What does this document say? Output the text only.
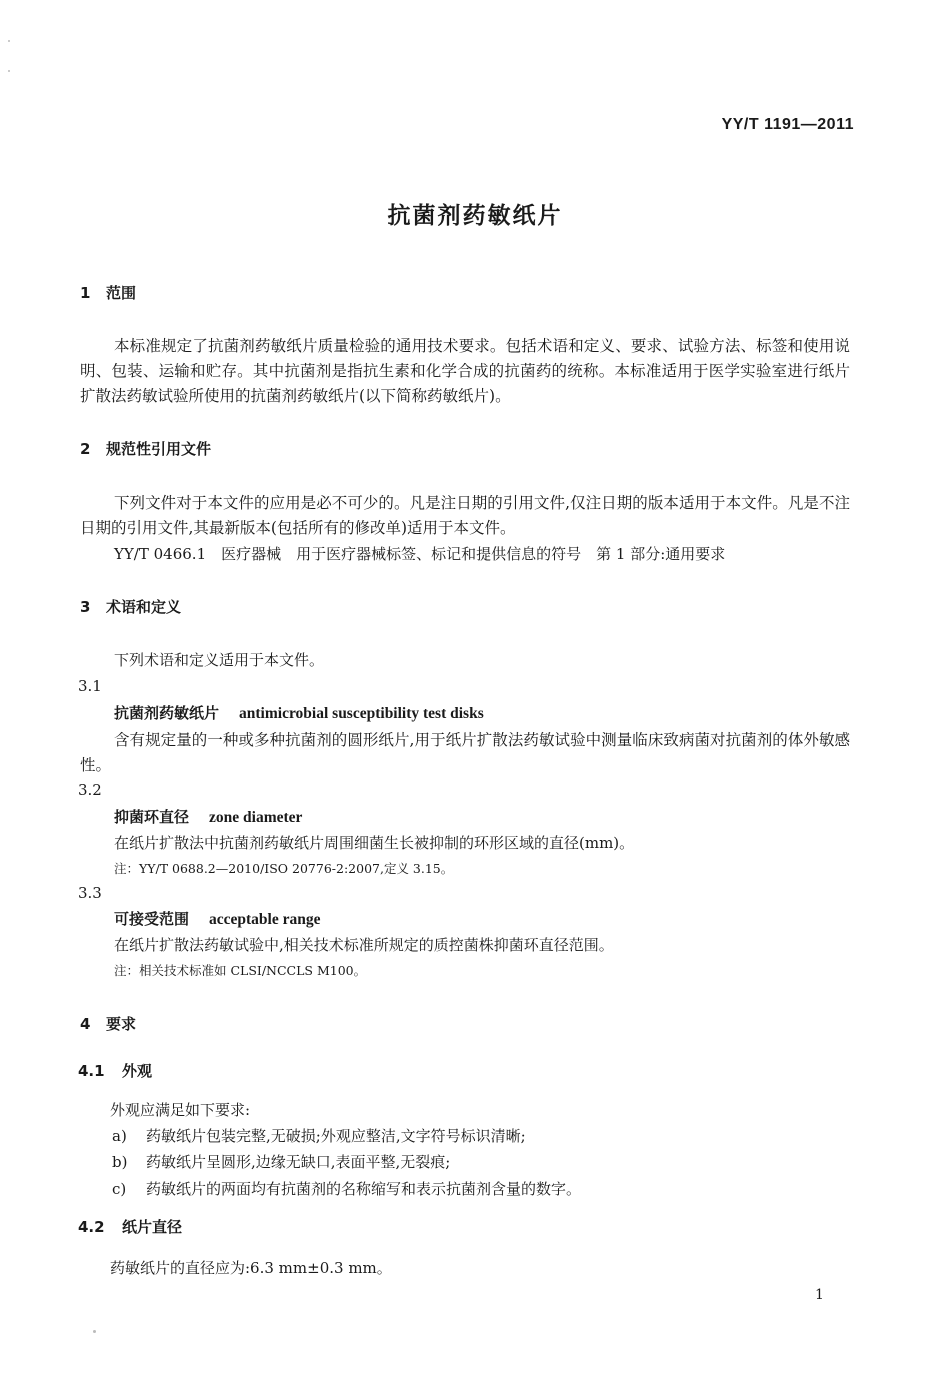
YY/T 1191—2011
抗菌剂药敏纸片
1 范围
本标准规定了抗菌剂药敏纸片质量检验的通用技术要求。包括术语和定义、要求、试验方法、标签和使用说明、包装、运输和贮存。其中抗菌剂是指抗生素和化学合成的抗菌药的统称。本标准适用于医学实验室进行纸片扩散法药敏试验所使用的抗菌剂药敏纸片(以下简称药敏纸片)。
2 规范性引用文件
下列文件对于本文件的应用是必不可少的。凡是注日期的引用文件,仅注日期的版本适用于本文件。凡是不注日期的引用文件,其最新版本(包括所有的修改单)适用于本文件。
YY/T 0466.1　医疗器械　用于医疗器械标签、标记和提供信息的符号　第 1 部分:通用要求
3 术语和定义
下列术语和定义适用于本文件。
3.1
抗菌剂药敏纸片 antimicrobial susceptibility test disks
含有规定量的一种或多种抗菌剂的圆形纸片,用于纸片扩散法药敏试验中测量临床致病菌对抗菌剂的体外敏感性。
3.2
抑菌环直径 zone diameter
在纸片扩散法中抗菌剂药敏纸片周围细菌生长被抑制的环形区域的直径(mm)。
注：YY/T 0688.2—2010/ISO 20776-2:2007,定义 3.15。
3.3
可接受范围 acceptable range
在纸片扩散法药敏试验中,相关技术标准所规定的质控菌株抑菌环直径范围。
注：相关技术标准如 CLSI/NCCLS M100。
4 要求
4.1 外观
外观应满足如下要求:
a) 药敏纸片包装完整,无破损;外观应整洁,文字符号标识清晰;
b) 药敏纸片呈圆形,边缘无缺口,表面平整,无裂痕;
c) 药敏纸片的两面均有抗菌剂的名称缩写和表示抗菌剂含量的数字。
4.2 纸片直径
药敏纸片的直径应为:6.3 mm±0.3 mm。
1
